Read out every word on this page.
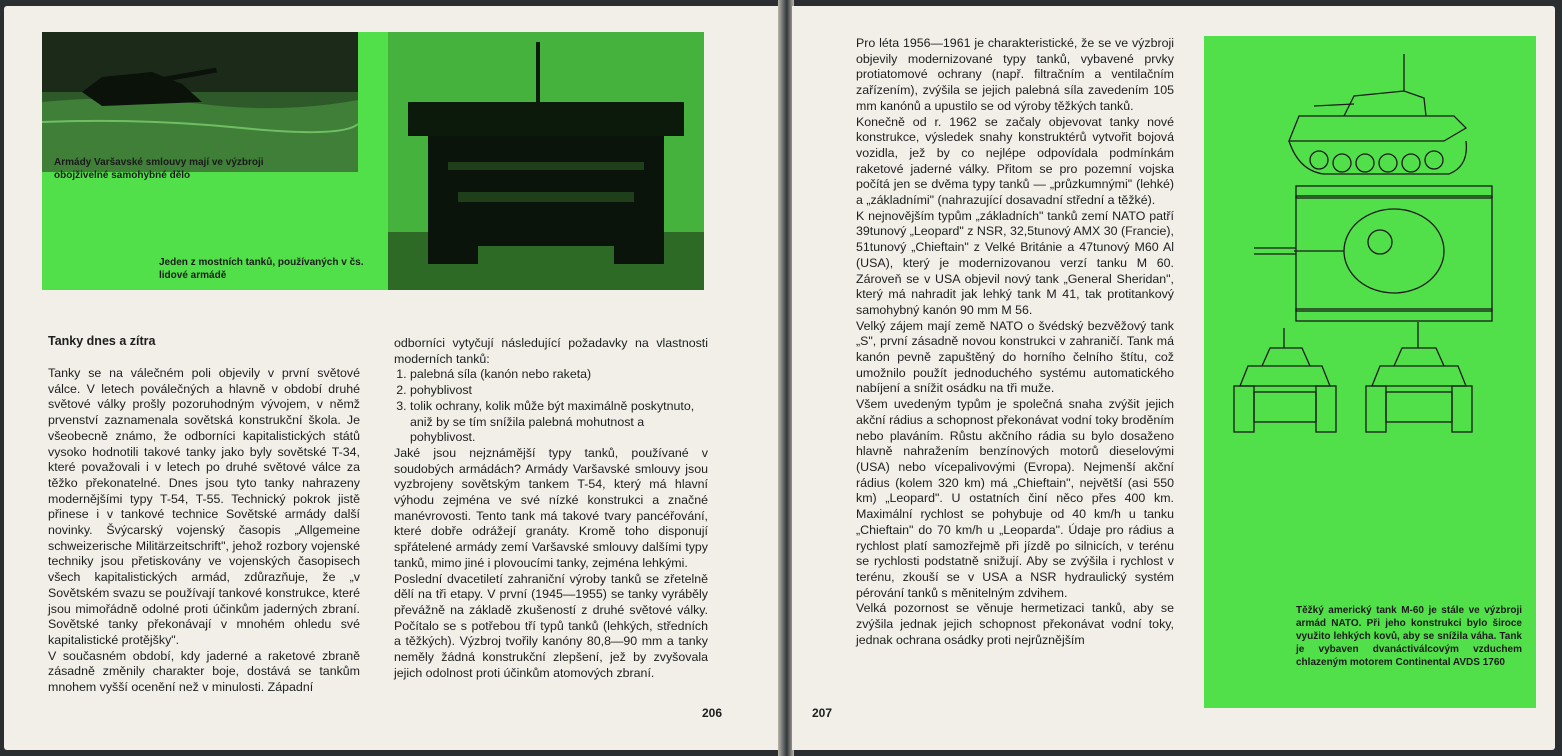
Armády Varšavské smlouvy mají ve výzbroji obojživelné samohybné dělo
Jeden z mostních tanků, používaných v čs. lidové armádě
Tanky dnes a zítra

Tanky se na válečném poli objevily v první světové válce. V letech poválečných a hlavně v období druhé světové války prošly pozoruhodným vývojem, v němž prvenství zaznamenala sovětská konstrukční škola. Je všeobecně známo, že odborníci kapitalistických států vysoko hodnotili takové tanky jako byly sovětské T-34, které považovali i v letech po druhé světové válce za těžko překonatelné. Dnes jsou tyto tanky nahrazeny modernějšími typy T-54, T-55. Technický pokrok jistě přinese i v tankové technice Sovětské armády další novinky. Švýcarský vojenský časopis „Allgemeine schweizerische Militärzeitschrift", jehož rozbory vojenské techniky jsou přetiskovány ve vojenských časopisech všech kapitalistických armád, zdůrazňuje, že „v Sovětském svazu se používají tankové konstrukce, které jsou mimořádně odolné proti účinkům jaderných zbraní. Sovětské tanky překonávají v mnohém ohledu své kapitalistické protějšky".

V současném období, kdy jaderné a raketové zbraně zásadně změnily charakter boje, dostává se tankům mnohem vyšší ocenění než v minulosti. Západní

odborníci vytyčují následující požadavky na vlastnosti moderních tanků:

1. palebná síla (kanón nebo raketa)
2. pohyblivost
3. tolik ochrany, kolik může být maximálně poskytnuto, aniž by se tím snížila palebná mohutnost a pohyblivost.

Jaké jsou nejznámější typy tanků, používané v soudobých armádách? Armády Varšavské smlouvy jsou vyzbrojeny sovětským tankem T-54, který má hlavní výhodu zejména ve své nízké konstrukci a značné manévrovosti. Tento tank má takové tvary pancéřování, které dobře odrážejí granáty. Kromě toho disponují spřátelené armády zemí Varšavské smlouvy dalšími typy tanků, mimo jiné i plovoucími tanky, zejména lehkými.

Poslední dvacetiletí zahraniční výroby tanků se zřetelně dělí na tři etapy. V první (1945—1955) se tanky vyráběly převážně na základě zkušeností z druhé světové války. Počítalo se s potřebou tří typů tanků (lehkých, středních a těžkých). Výzbroj tvořily kanóny 80,8—90 mm a tanky neměly žádná konstrukční zlepšení, jež by zvyšovala jejich odolnost proti účinkům atomových zbraní.

206

Pro léta 1956—1961 je charakteristické, že se ve výzbroji objevily modernizované typy tanků, vybavené prvky protiatomové ochrany (např. filtračním a ventilačním zařízením), zvýšila se jejich palebná síla zavedením 105 mm kanónů a upustilo se od výroby těžkých tanků.

Konečně od r. 1962 se začaly objevovat tanky nové konstrukce, výsledek snahy konstruktérů vytvořit bojová vozidla, jež by co nejlépe odpovídala podmínkám raketové jaderné války. Přitom se pro pozemní vojska počítá jen se dvěma typy tanků — „průzkumnými" (lehké) a „základními" (nahrazující dosavadní střední a těžké).

K nejnovějším typům „základních" tanků zemí NATO patří 39tunový „Leopard" z NSR, 32,5tunový AMX 30 (Francie), 51tunový „Chieftain" z Velké Británie a 47tunový M60 Al (USA), který je modernizovanou verzí tanku M 60. Zároveň se v USA objevil nový tank „General Sheridan", který má nahradit jak lehký tank M 41, tak protitankový samohybný kanón 90 mm M 56.

Velký zájem mají země NATO o švédský bezvěžový tank „S", první zásadně novou konstrukci v zahraničí. Tank má kanón pevně zapuštěný do horního čelního štítu, což umožnilo použít jednoduchého systému automatického nabíjení a snížit osádku na tři muže.

Všem uvedeným typům je společná snaha zvýšit jejich akční rádius a schopnost překonávat vodní toky broděním nebo plaváním. Růstu akčního rádia su bylo dosaženo hlavně nahražením benzínových motorů dieselovými (USA) nebo vícepalivovými (Evropa). Nejmenší akční rádius (kolem 320 km) má „Chieftain", největší (asi 550 km) „Leopard". U ostatních činí něco přes 400 km. Maximální rychlost se pohybuje od 40 km/h u tanku „Chieftain" do 70 km/h u „Leoparda". Údaje pro rádius a rychlost platí samozřejmě při jízdě po silnicích, v terénu se rychlosti podstatně snižují. Aby se zvýšila i rychlost v terénu, zkouší se v USA a NSR hydraulický systém pérování tanků s měnitelným zdvihem.

Velká pozornost se věnuje hermetizaci tanků, aby se zvýšila jednak jejich schopnost překonávat vodní toky, jednak ochrana osádky proti nejrůznějším

Těžký americký tank M-60 je stále ve výzbroji armád NATO. Při jeho konstrukci bylo široce využito lehkých kovů, aby se snížila váha. Tank je vybaven dvanáctiválcovým vzduchem chlazeným motorem Continental AVDS 1760
207
